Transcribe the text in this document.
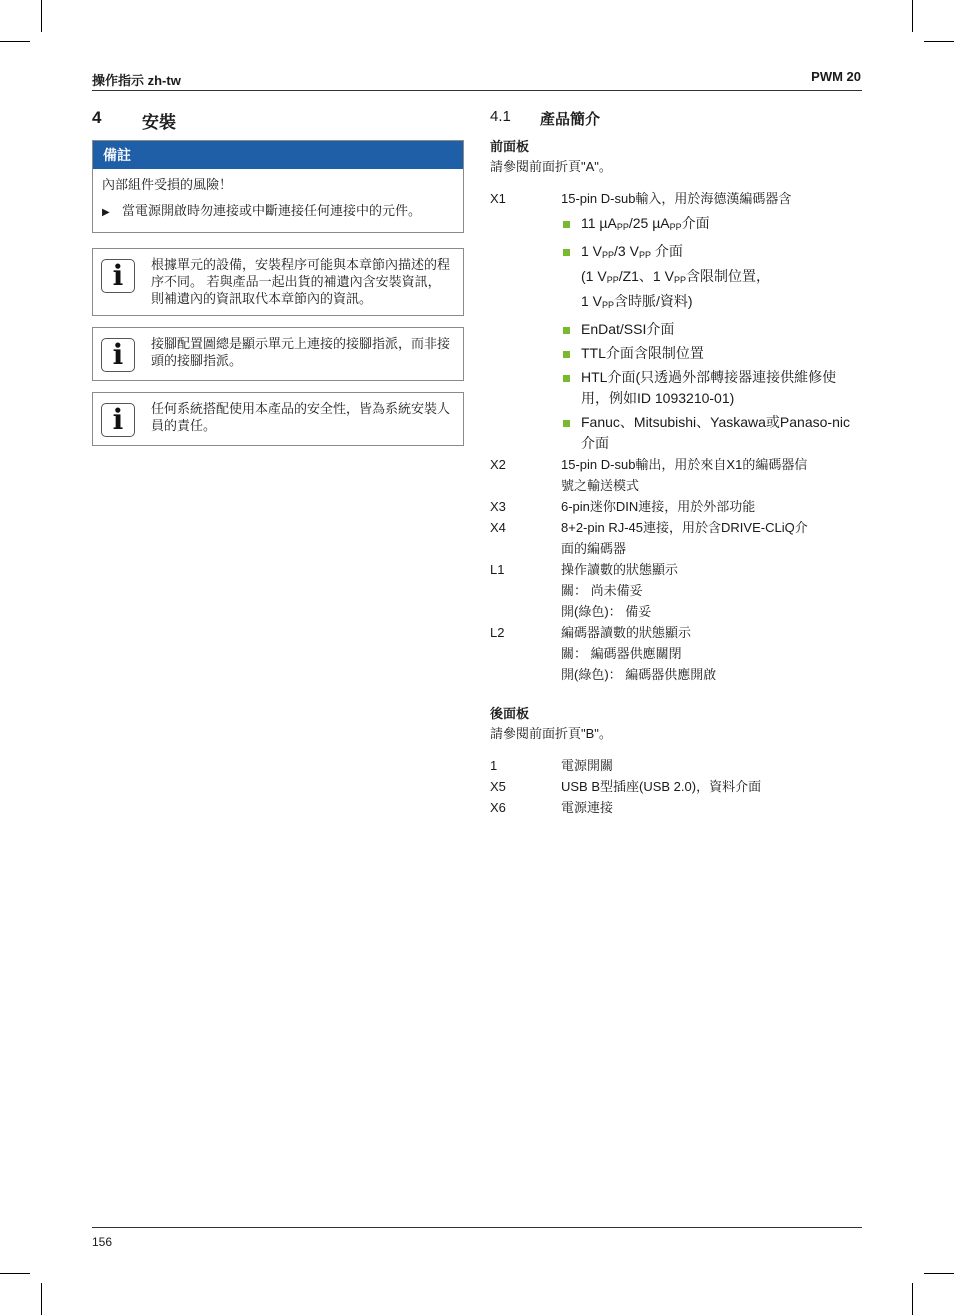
操作指示 zh-tw	PWM 20
156
4 安裝
備註
內部組件受損的風險！
▶ 當電源開啟時勿連接或中斷連接任何連接中的元件。
i 根據單元的設備，安裝程序可能與本章節內描述的程序不同。 若與產品一起出貨的補遺內含安裝資訊，則補遺內的資訊取代本章節內的資訊。
i 接腳配置圖總是顯示單元上連接的接腳指派，而非接頭的接腳指派。
i 任何系統搭配使用本產品的安全性，皆為系統安裝人員的責任。
4.1 產品簡介
前面板
請參閱前面折頁"A"。
X1	15-pin D-sub輸入，用於海德漢編碼器含
11 µA$_{PP}$/25 µA$_{PP}$介面
1 $V_{PP}/3$ $V_{PP}$ 介面
(1 $V_{PP}/Z1$、1 $V_{PP}$含限制位置，
1 $V_{PP}$含時脈/資料)
EnDat/SSI介面
TTL介面含限制位置
HTL介面(只透過外部轉接器連接供維修使用，例如ID 1093210-01)
Fanuc、Mitsubishi、Yaskawa或Panaso-nic介面
X2	15-pin D-sub輸出，用於來自X1的編碼器信
號之輸送模式
X3	6-pin迷你DIN連接，用於外部功能
X4	8+2-pin RJ-45連接，用於含DRIVE-CLiQ介
面的編碼器
L1	操作讀數的狀態顯示
關： 尚未備妥
開(綠色)： 備妥
L2	編碼器讀數的狀態顯示
關： 編碼器供應關閉
開(綠色)： 編碼器供應開啟
後面板
請參閱前面折頁"B"。
1	電源開關
X5	USB B型插座(USB 2.0)，資料介面
X6	電源連接
